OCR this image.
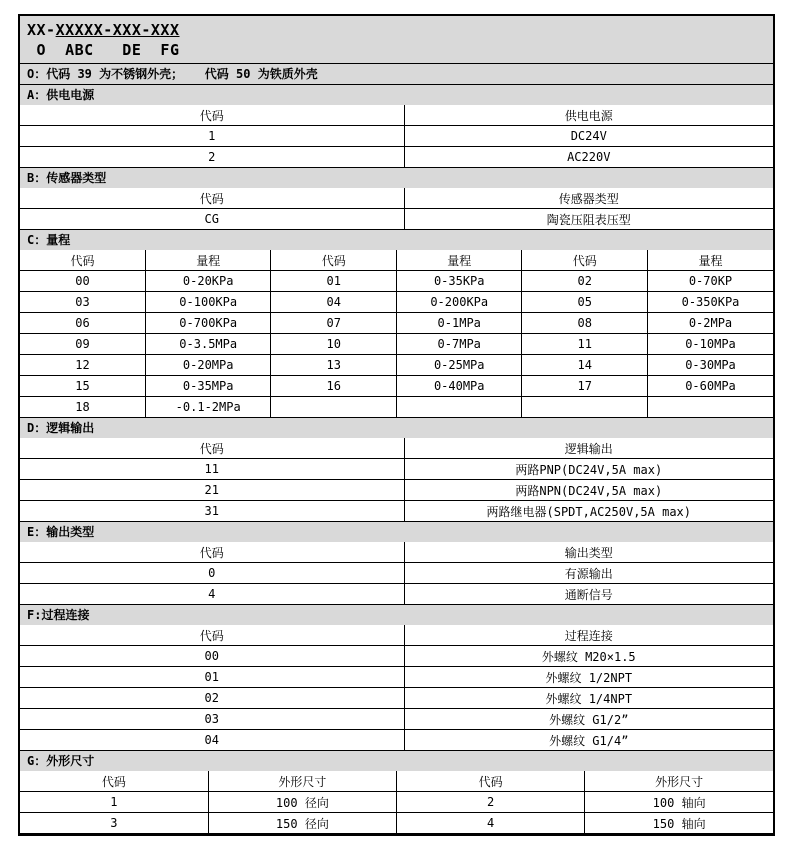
XX-XXXXX-XXX-XXX
O  ABC   DE  FG
O：代码 39 为不锈钢外壳；   代码 50 为铁质外壳
A：供电电源
代码	供电电源
1	DC24V
2	AC220V
B：传感器类型
代码	传感器类型
CG	陶瓷压阻表压型
C：量程
代码	量程	代码	量程	代码	量程
00	0-20KPa	01	0-35KPa	02	0-70KP
03	0-100KPa	04	0-200KPa	05	0-350KPa
06	0-700KPa	07	0-1MPa	08	0-2MPa
09	0-3.5MPa	10	0-7MPa	11	0-10MPa
12	0-20MPa	13	0-25MPa	14	0-30MPa
15	0-35MPa	16	0-40MPa	17	0-60MPa
18	-0.1-2MPa				
D：逻辑输出
代码	逻辑输出
11	两路PNP(DC24V,5A max)
21	两路NPN(DC24V,5A max)
31	两路继电器(SPDT,AC250V,5A max)
E：输出类型
代码	输出类型
0	有源输出
4	通断信号
F:过程连接
代码	过程连接
00	外螺纹 M20×1.5
01	外螺纹 1/2NPT
02	外螺纹 1/4NPT
03	外螺纹 G1/2”
04	外螺纹 G1/4”
G：外形尺寸
代码	外形尺寸	代码	外形尺寸
1	100 径向	2	100 轴向
3	150 径向	4	150 轴向
